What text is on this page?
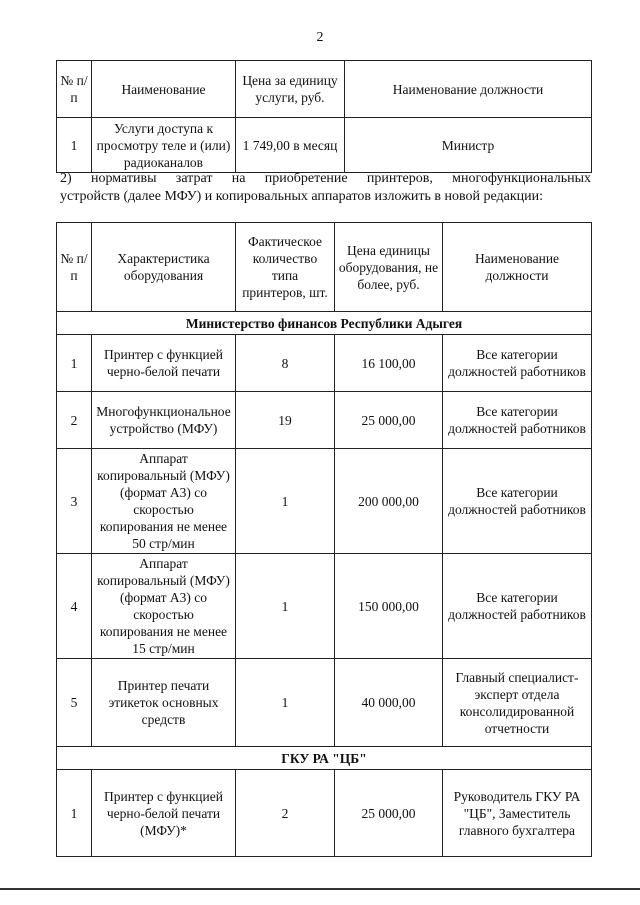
2
№ п/п	Наименование	Цена за единицу услуги, руб.	Наименование должности
1	Услуги доступа к просмотру теле и (или) радиоканалов	1 749,00 в месяц	Министр
2) нормативы затрат на приобретение принтеров, многофункциональных
устройств (далее МФУ) и копировальных аппаратов изложить в новой редакции:
№ п/п	Характеристика оборудования	Фактическое количество типа принтеров, шт.	Цена единицы оборудования, не более, руб.	Наименование должности
Министерство финансов Республики Адыгея				
1	Принтер с функцией черно-белой печати	8	16 100,00	Все категории должностей работников
2	Многофункциональное устройство (МФУ)	19	25 000,00	Все категории должностей работников
3	Аппарат копировальный (МФУ) (формат А3) со скоростью копирования не менее 50 стр/мин	1	200 000,00	Все категории должностей работников
4	Аппарат копировальный (МФУ) (формат А3) со скоростью копирования не менее 15 стр/мин	1	150 000,00	Все категории должностей работников
5	Принтер печати этикеток основных средств	1	40 000,00	Главный специалист-эксперт отдела консолидированной отчетности
ГКУ РА "ЦБ"				
1	Принтер с функцией черно-белой печати (МФУ)*	2	25 000,00	Руководитель ГКУ РА "ЦБ", Заместитель главного бухгалтера
